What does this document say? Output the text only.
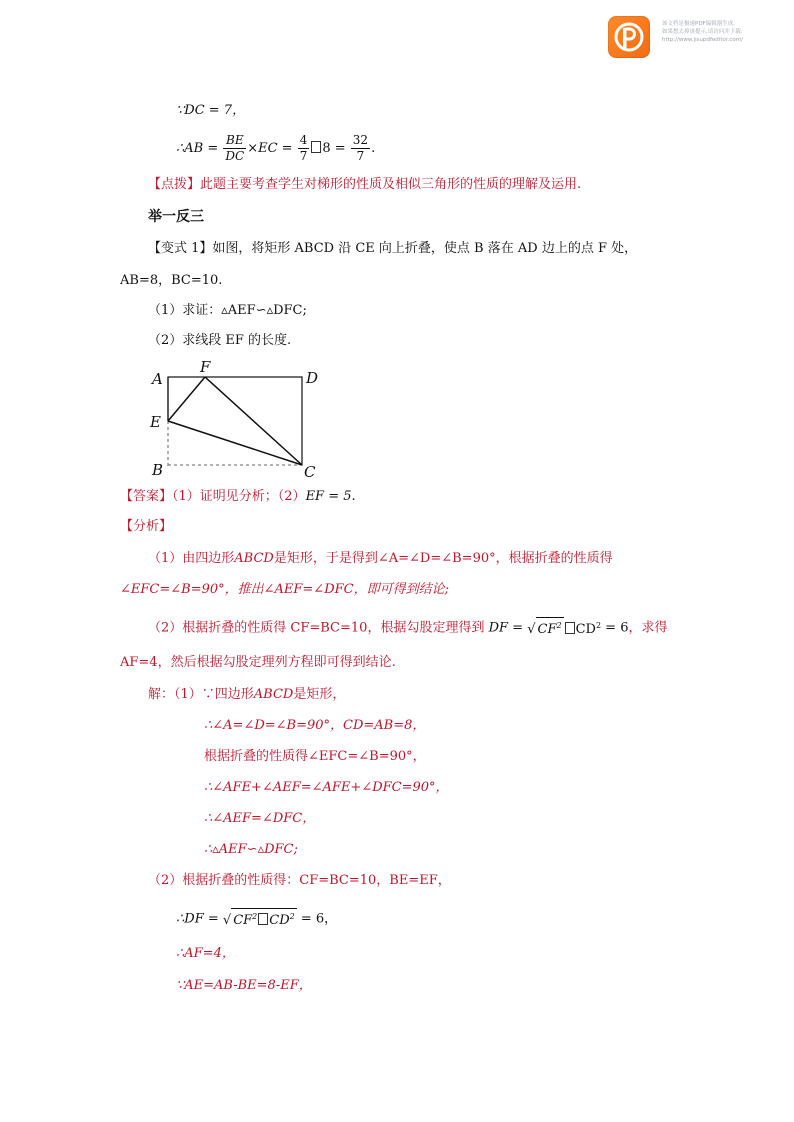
该文档是极速PDF编辑器生成,
如果想去掉该提示,请访问并下载:
http://www.jisupdfeditor.com/
∵DC = 7，
∴AB = $\frac{BE}{DC} \times EC = \frac{4}{7} 8 = \frac{32}{7}$ .
【点拨】此题主要考查学生对梯形的性质及相似三角形的性质的理解及运用.
举一反三
【变式 1】如图，将矩形 ABCD 沿 CE 向上折叠，使点 B 落在 AD 边上的点 F 处，
AB=8，BC=10.
（1）求证：▵AEF∽▵DFC;
（2）求线段 EF 的长度.
A
F
D
E
B	C
【答案】（1）证明见分析；（2）EF = 5.
【分析】
（1）由四边形ABCD是矩形，于是得到∠A=∠D=∠B=90°，根据折叠的性质得
∠EFC=∠B=90°，推出∠AEF=∠DFC，即可得到结论;
（2）根据折叠的性质得 CF=BC=10，根据勾股定理得到 DF = √ $CF^2$ $CD^2 = 6$，求得
AF=4，然后根据勾股定理列方程即可得到结论.
解：（1）∵四边形ABCD是矩形，
∴∠A=∠D=∠B=90°，CD=AB=8，
根据折叠的性质得∠EFC=∠B=90°，
∴∠AFE+∠AEF=∠AFE+∠DFC=90°，
∴∠AEF=∠DFC，
∴▵AEF∽▵DFC;
（2）根据折叠的性质得：CF=BC=10，BE=EF，
∴DF = √ $CF^2$ $CD^2 = 6$，
∴AF=4，
∵AE=AB-BE=8-EF，
